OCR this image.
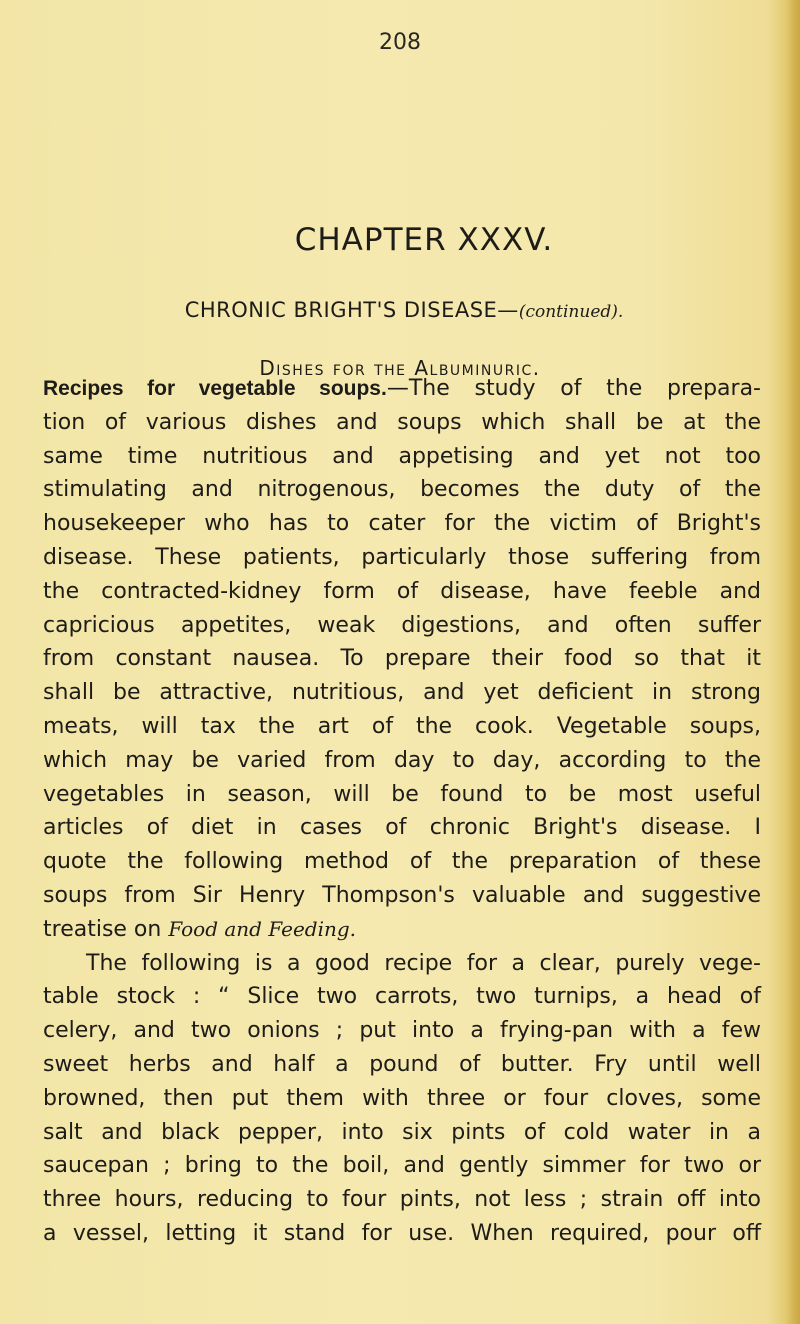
208
CHAPTER XXXV.
CHRONIC BRIGHT'S DISEASE—(continued).
Dishes for the Albuminuric.
Recipes for vegetable soups.—The study of the prepara-
tion of various dishes and soups which shall be at the
same time nutritious and appetising and yet not too
stimulating and nitrogenous, becomes the duty of the
housekeeper who has to cater for the victim of Bright's
disease. These patients, particularly those suffering from
the contracted-kidney form of disease, have feeble and
capricious appetites, weak digestions, and often suffer
from constant nausea. To prepare their food so that it
shall be attractive, nutritious, and yet deficient in strong
meats, will tax the art of the cook. Vegetable soups,
which may be varied from day to day, according to the
vegetables in season, will be found to be most useful
articles of diet in cases of chronic Bright's disease. I
quote the following method of the preparation of these
soups from Sir Henry Thompson's valuable and suggestive
treatise on Food and Feeding.
The following is a good recipe for a clear, purely vege-
table stock : “ Slice two carrots, two turnips, a head of
celery, and two onions ; put into a frying-pan with a few
sweet herbs and half a pound of butter. Fry until well
browned, then put them with three or four cloves, some
salt and black pepper, into six pints of cold water in a
saucepan ; bring to the boil, and gently simmer for two or
three hours, reducing to four pints, not less ; strain off into
a vessel, letting it stand for use. When required, pour off
